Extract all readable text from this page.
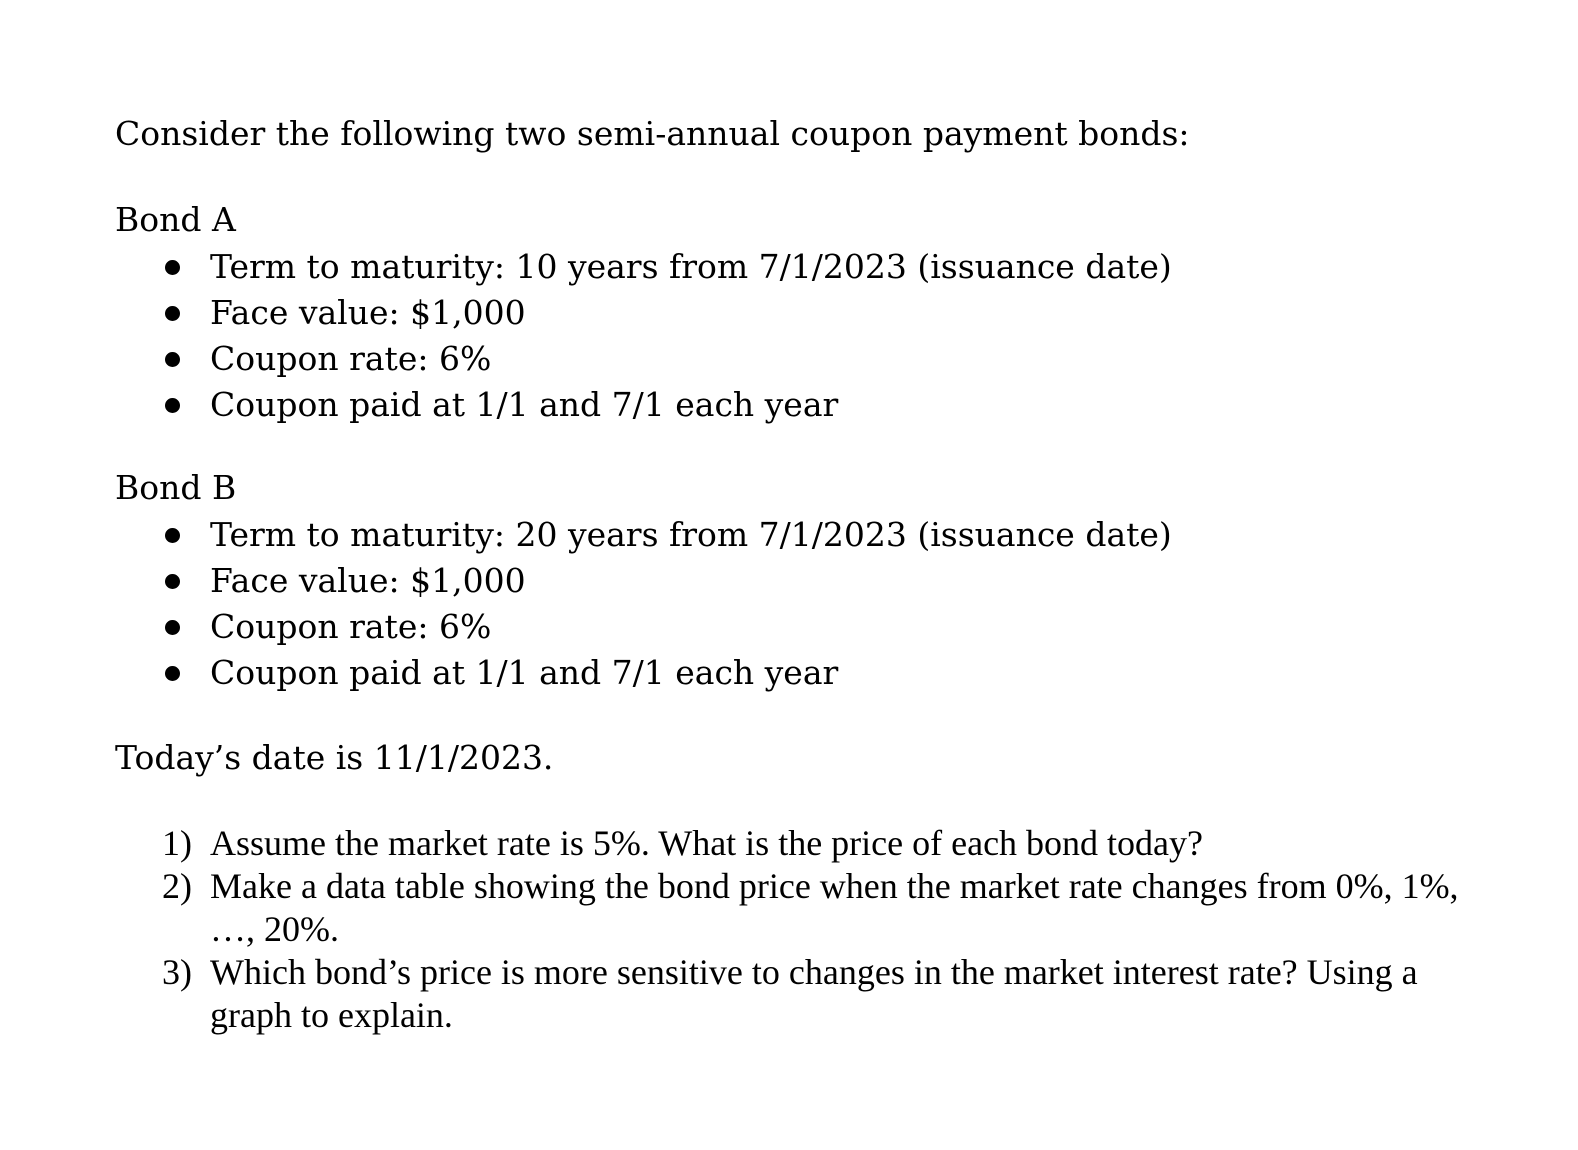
Consider the following two semi-annual coupon payment bonds:

Bond A

Term to maturity: 10 years from 7/1/2023 (issuance date)
Face value: $1,000
Coupon rate: 6%
Coupon paid at 1/1 and 7/1 each year

Bond B

Term to maturity: 20 years from 7/1/2023 (issuance date)
Face value: $1,000
Coupon rate: 6%
Coupon paid at 1/1 and 7/1 each year

Today’s date is 11/1/2023.

1) Assume the market rate is 5%. What is the price of each bond today?
2) Make a data table showing the bond price when the market rate changes from 0%, 1%, …, 20%.
3) Which bond’s price is more sensitive to changes in the market interest rate? Using a graph to explain.
